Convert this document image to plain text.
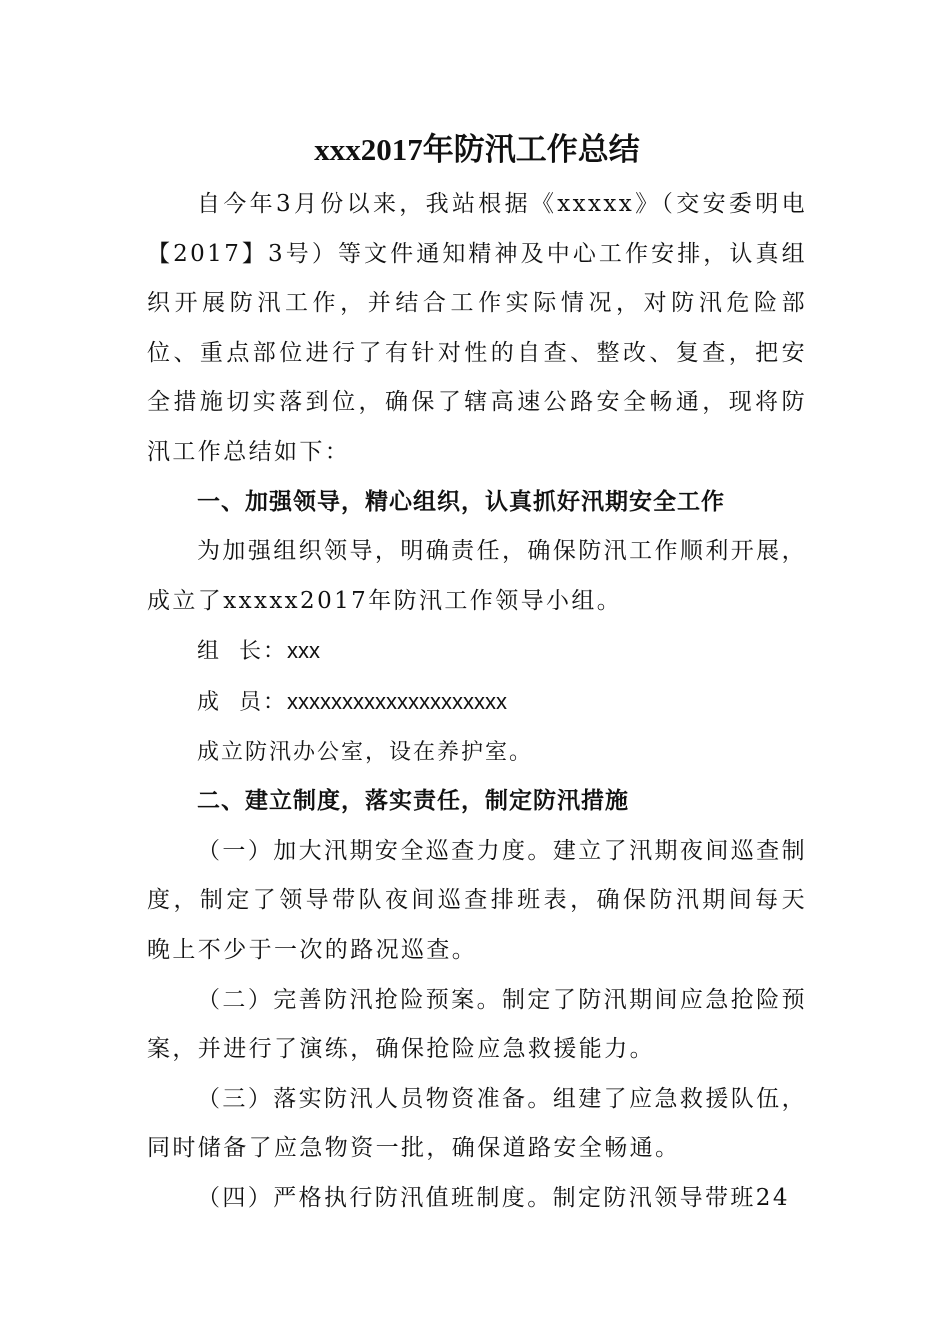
xxx2017年防汛工作总结

自今年3月份以来，我站根据《xxxxx》（交安委明电【2017】3号）等文件通知精神及中心工作安排，认真组织开展防汛工作，并结合工作实际情况，对防汛危险部位、重点部位进行了有针对性的自查、整改、复查，把安全措施切实落到位，确保了辖高速公路安全畅通，现将防汛工作总结如下：

一、加强领导，精心组织，认真抓好汛期安全工作

为加强组织领导，明确责任，确保防汛工作顺利开展，成立了xxxxx2017年防汛工作领导小组。

组  长：xxx

成  员：xxxxxxxxxxxxxxxxxxxx

成立防汛办公室，设在养护室。

二、建立制度，落实责任，制定防汛措施

（一）加大汛期安全巡查力度。建立了汛期夜间巡查制度，制定了领导带队夜间巡查排班表，确保防汛期间每天晚上不少于一次的路况巡查。

（二）完善防汛抢险预案。制定了防汛期间应急抢险预案，并进行了演练，确保抢险应急救援能力。

（三）落实防汛人员物资准备。组建了应急救援队伍，同时储备了应急物资一批，确保道路安全畅通。

（四）严格执行防汛值班制度。制定防汛领导带班24
